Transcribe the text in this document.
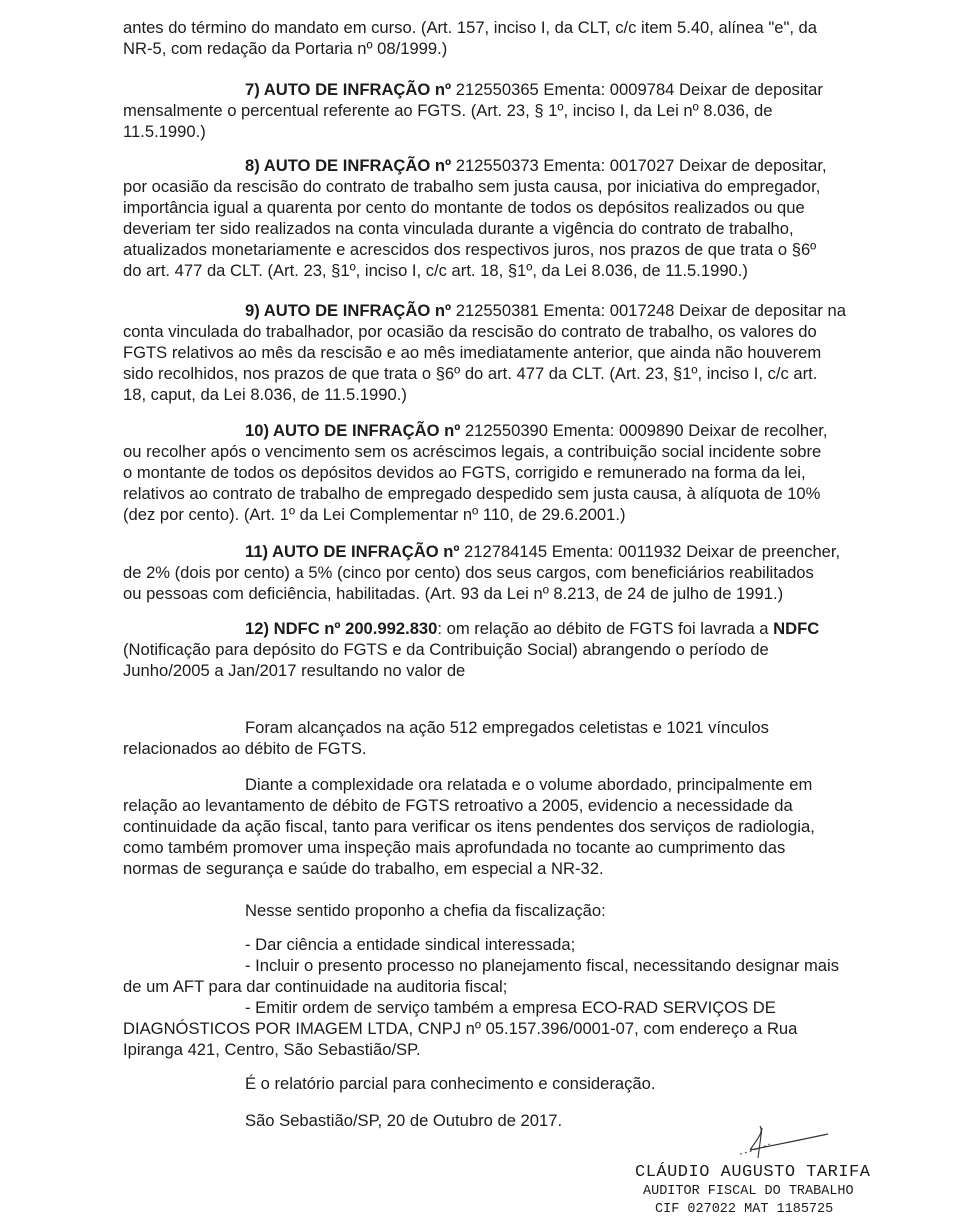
antes do término do mandato em curso. (Art. 157, inciso I, da CLT, c/c item 5.40, alínea "e", da
NR-5, com redação da Portaria nº 08/1999.)
7) AUTO DE INFRAÇÃO nº 212550365 Ementa: 0009784 Deixar de depositar
mensalmente o percentual referente ao FGTS. (Art. 23, § 1º, inciso I, da Lei nº 8.036, de
11.5.1990.)
8) AUTO DE INFRAÇÃO nº 212550373 Ementa: 0017027 Deixar de depositar,
por ocasião da rescisão do contrato de trabalho sem justa causa, por iniciativa do empregador,
importância igual a quarenta por cento do montante de todos os depósitos realizados ou que
deveriam ter sido realizados na conta vinculada durante a vigência do contrato de trabalho,
atualizados monetariamente e acrescidos dos respectivos juros, nos prazos de que trata o §6º
do art. 477 da CLT. (Art. 23, §1º, inciso I, c/c art. 18, §1º, da Lei 8.036, de 11.5.1990.)
9) AUTO DE INFRAÇÃO nº 212550381 Ementa: 0017248 Deixar de depositar na
conta vinculada do trabalhador, por ocasião da rescisão do contrato de trabalho, os valores do
FGTS relativos ao mês da rescisão e ao mês imediatamente anterior, que ainda não houverem
sido recolhidos, nos prazos de que trata o §6º do art. 477 da CLT. (Art. 23, §1º, inciso I, c/c art.
18, caput, da Lei 8.036, de 11.5.1990.)
10) AUTO DE INFRAÇÃO nº 212550390 Ementa: 0009890 Deixar de recolher,
ou recolher após o vencimento sem os acréscimos legais, a contribuição social incidente sobre
o montante de todos os depósitos devidos ao FGTS, corrigido e remunerado na forma da lei,
relativos ao contrato de trabalho de empregado despedido sem justa causa, à alíquota de 10%
(dez por cento). (Art. 1º da Lei Complementar nº 110, de 29.6.2001.)
11) AUTO DE INFRAÇÃO nº 212784145 Ementa: 0011932 Deixar de preencher,
de 2% (dois por cento) a 5% (cinco por cento) dos seus cargos, com beneficiários reabilitados
ou pessoas com deficiência, habilitadas. (Art. 93 da Lei nº 8.213, de 24 de julho de 1991.)
12) NDFC nº 200.992.830: om relação ao débito de FGTS foi lavrada a NDFC
(Notificação para depósito do FGTS e da Contribuição Social) abrangendo o período de
Junho/2005 a Jan/2017 resultando no valor de
Foram alcançados na ação 512 empregados celetistas e 1021 vínculos
relacionados ao débito de FGTS.
Diante a complexidade ora relatada e o volume abordado, principalmente em
relação ao levantamento de débito de FGTS retroativo a 2005, evidencio a necessidade da
continuidade da ação fiscal, tanto para verificar os itens pendentes dos serviços de radiologia,
como também promover uma inspeção mais aprofundada no tocante ao cumprimento das
normas de segurança e saúde do trabalho, em especial a NR-32.
Nesse sentido proponho a chefia da fiscalização:
- Dar ciência a entidade sindical interessada;
- Incluir o presento processo no planejamento fiscal, necessitando designar mais
de um AFT para dar continuidade na auditoria fiscal;
- Emitir ordem de serviço também a empresa ECO-RAD SERVIÇOS DE
DIAGNÓSTICOS POR IMAGEM LTDA, CNPJ nº 05.157.396/0001-07, com endereço a Rua
Ipiranga 421, Centro, São Sebastião/SP.
É o relatório parcial para conhecimento e consideração.
São Sebastião/SP, 20 de Outubro de 2017.
CLÁUDIO AUGUSTO TARIFA
AUDITOR FISCAL DO TRABALHO
CIF 027022 MAT 1185725
